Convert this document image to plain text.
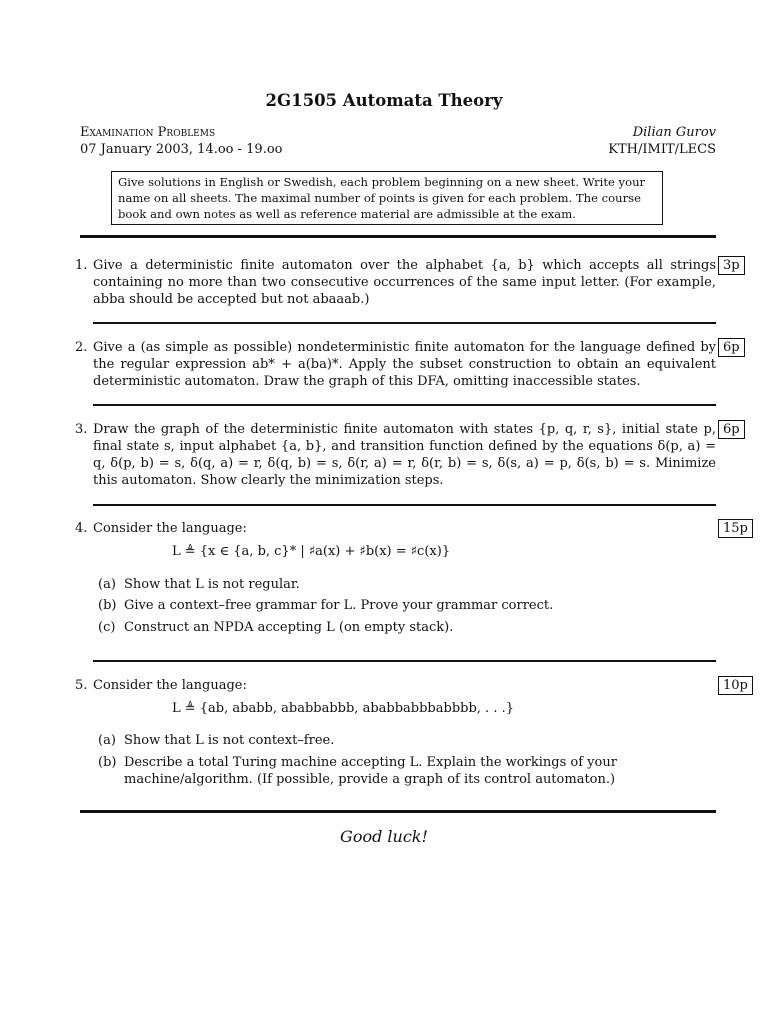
2G1505 Automata Theory
Examination Problems
07 January 2003, 14.oo - 19.oo
Dilian Gurov
KTH/IMIT/LECS
Give solutions in English or Swedish, each problem beginning on a new sheet. Write your name on all sheets. The maximal number of points is given for each problem. The course book and own notes as well as reference material are admissible at the exam.
1. Give a deterministic finite automaton over the alphabet {a, b} which accepts all strings containing no more than two consecutive occurrences of the same input letter. (For example, abba should be accepted but not abaaab.)
3p
2. Give a (as simple as possible) nondeterministic finite automaton for the language defined by the regular expression ab* + a(ba)*. Apply the subset construction to obtain an equivalent deterministic automaton. Draw the graph of this DFA, omitting inaccessible states.
6p
3. Draw the graph of the deterministic finite automaton with states {p, q, r, s}, initial state p, final state s, input alphabet {a, b}, and transition function defined by the equations δ(p, a) = q, δ(p, b) = s, δ(q, a) = r, δ(q, b) = s, δ(r, a) = r, δ(r, b) = s, δ(s, a) = p, δ(s, b) = s. Minimize this automaton. Show clearly the minimization steps.
6p
4. Consider the language:	15p
L ≜ {x ∈ {a, b, c}* | ♯a(x) + ♯b(x) = ♯c(x)}
(a) Show that L is not regular.
(b) Give a context–free grammar for L. Prove your grammar correct.
(c) Construct an NPDA accepting L (on empty stack).
5. Consider the language:	10p
L ≜ {ab, ababb, ababbabbb, ababbabbbabbbb, . . .}
(a) Show that L is not context–free.
(b) Describe a total Turing machine accepting L. Explain the workings of your machine/algorithm. (If possible, provide a graph of its control automaton.)
Good luck!
